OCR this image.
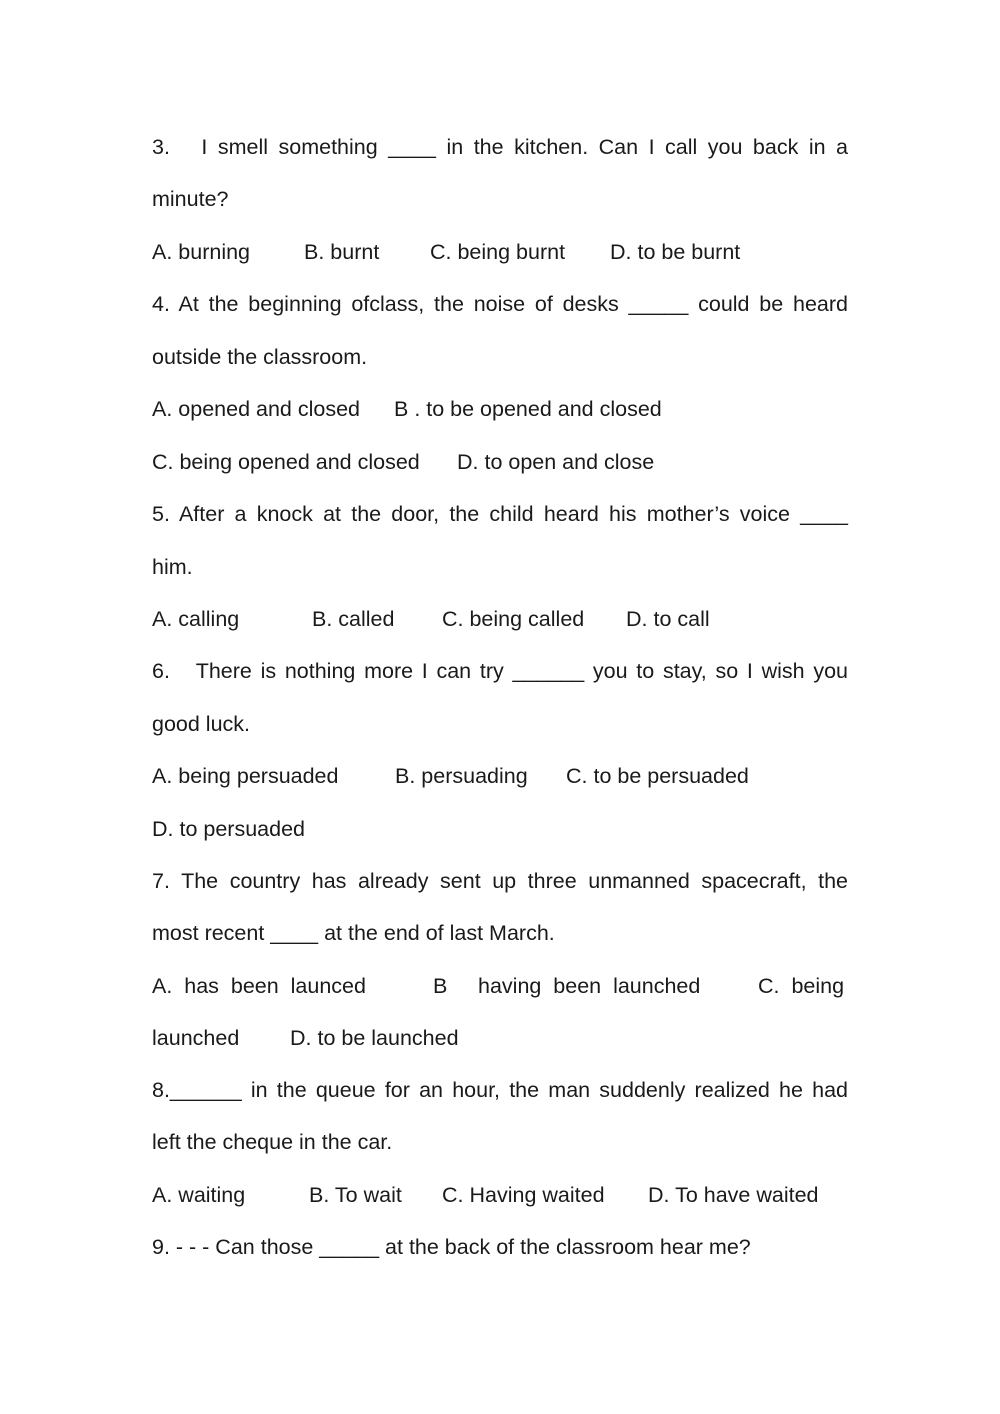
3.   I smell something ____ in the kitchen. Can I call you back in a
minute?

A. burning

	B. burnt

C. being burnt

D. to be burnt

4. At the beginning ofclass, the noise of desks _____ could be heard
outside the classroom.

A. opened and closed

B . to be opened and closed

C. being opened and closed

D. to open and close

5. After a knock at the door, the child heard his mother’s voice ____
him.

A. calling

	B. called

C. being called

D. to call

6.   There is nothing more I can try ______ you to stay, so I wish you
good luck.

A. being persuaded

	B. persuading

C. to be persuaded

D. to persuaded

7. The country has already sent up three unmanned spacecraft, the
most recent ____ at the end of last March.

A.  has  been  launced

	B

having  been  launched

	C.  being

launched

D. to be launched

8.______ in the queue for an hour, the man suddenly realized he had
left the cheque in the car.

A. waiting

	B. To wait

C. Having waited

D. To have waited

9. - - - Can those _____ at the back of the classroom hear me?
